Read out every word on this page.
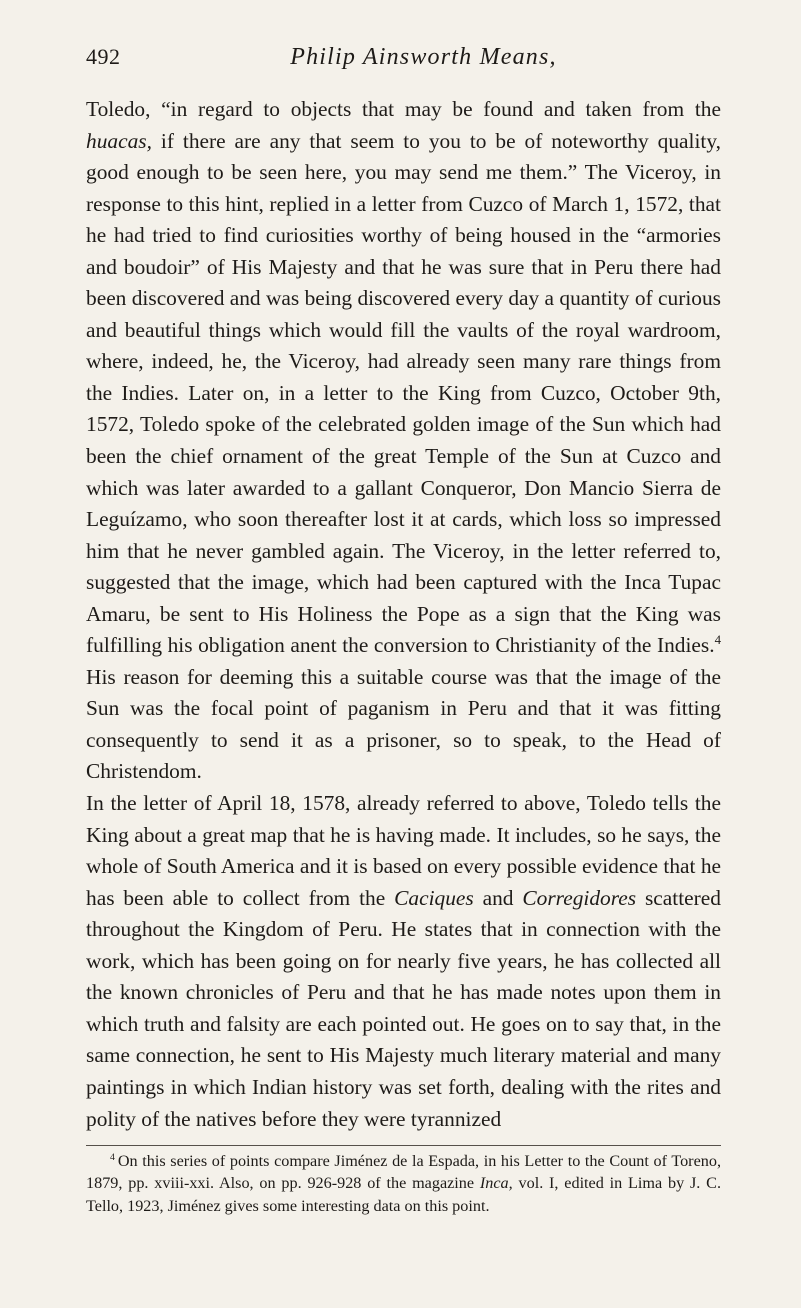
492	Philip Ainsworth Means,

Toledo, “in regard to objects that may be found and taken from the huacas, if there are any that seem to you to be of noteworthy quality, good enough to be seen here, you may send me them.” The Viceroy, in response to this hint, replied in a letter from Cuzco of March 1, 1572, that he had tried to find curiosities worthy of being housed in the “armories and boudoir” of His Majesty and that he was sure that in Peru there had been discovered and was being discovered every day a quantity of curious and beautiful things which would fill the vaults of the royal wardroom, where, indeed, he, the Viceroy, had already seen many rare things from the Indies. Later on, in a letter to the King from Cuzco, October 9th, 1572, Toledo spoke of the celebrated golden image of the Sun which had been the chief ornament of the great Temple of the Sun at Cuzco and which was later awarded to a gallant Conqueror, Don Mancio Sierra de Leguízamo, who soon thereafter lost it at cards, which loss so impressed him that he never gambled again. The Viceroy, in the letter referred to, suggested that the image, which had been captured with the Inca Tupac Amaru, be sent to His Holiness the Pope as a sign that the King was fulfilling his obligation anent the conversion to Christianity of the Indies.$^4$ His reason for deeming this a suitable course was that the image of the Sun was the focal point of paganism in Peru and that it was fitting consequently to send it as a prisoner, so to speak, to the Head of Christendom.

In the letter of April 18, 1578, already referred to above, Toledo tells the King about a great map that he is having made. It includes, so he says, the whole of South America and it is based on every possible evidence that he has been able to collect from the Caciques and Corregidores scattered throughout the Kingdom of Peru. He states that in connection with the work, which has been going on for nearly five years, he has collected all the known chronicles of Peru and that he has made notes upon them in which truth and falsity are each pointed out. He goes on to say that, in the same connection, he sent to His Majesty much literary material and many paintings in which Indian history was set forth, dealing with the rites and polity of the natives before they were tyrannized

$^4$ On this series of points compare Jiménez de la Espada, in his Letter to the Count of Toreno, 1879, pp. xviii-xxi. Also, on pp. 926-928 of the magazine Inca, vol. I, edited in Lima by J. C. Tello, 1923, Jiménez gives some interesting data on this point.
